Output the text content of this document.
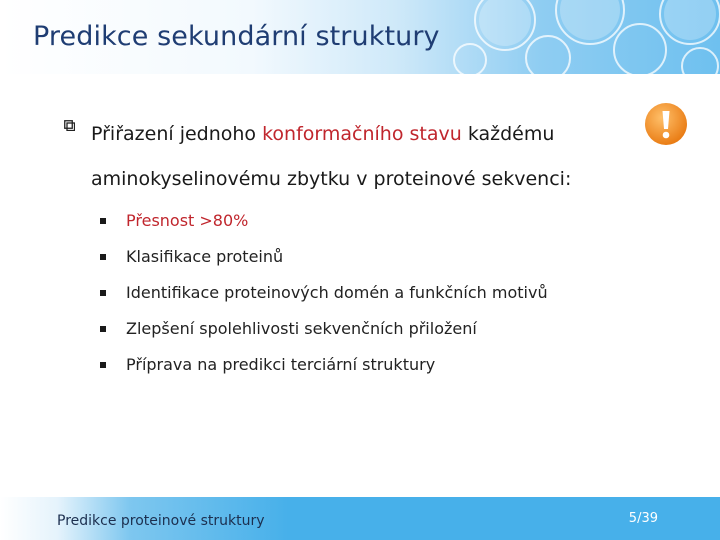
Predikce sekundární struktury
Přiřazení jednoho konformačního stavu každému aminokyselinovému zbytku v proteinové sekvenci:
Přesnost >80%
Klasifikace proteinů
Identifikace proteinových domén a funkčních motivů
Zlepšení spolehlivosti sekvenčních přiložení
Příprava na predikci terciární struktury
Predikce proteinové struktury	5/39
